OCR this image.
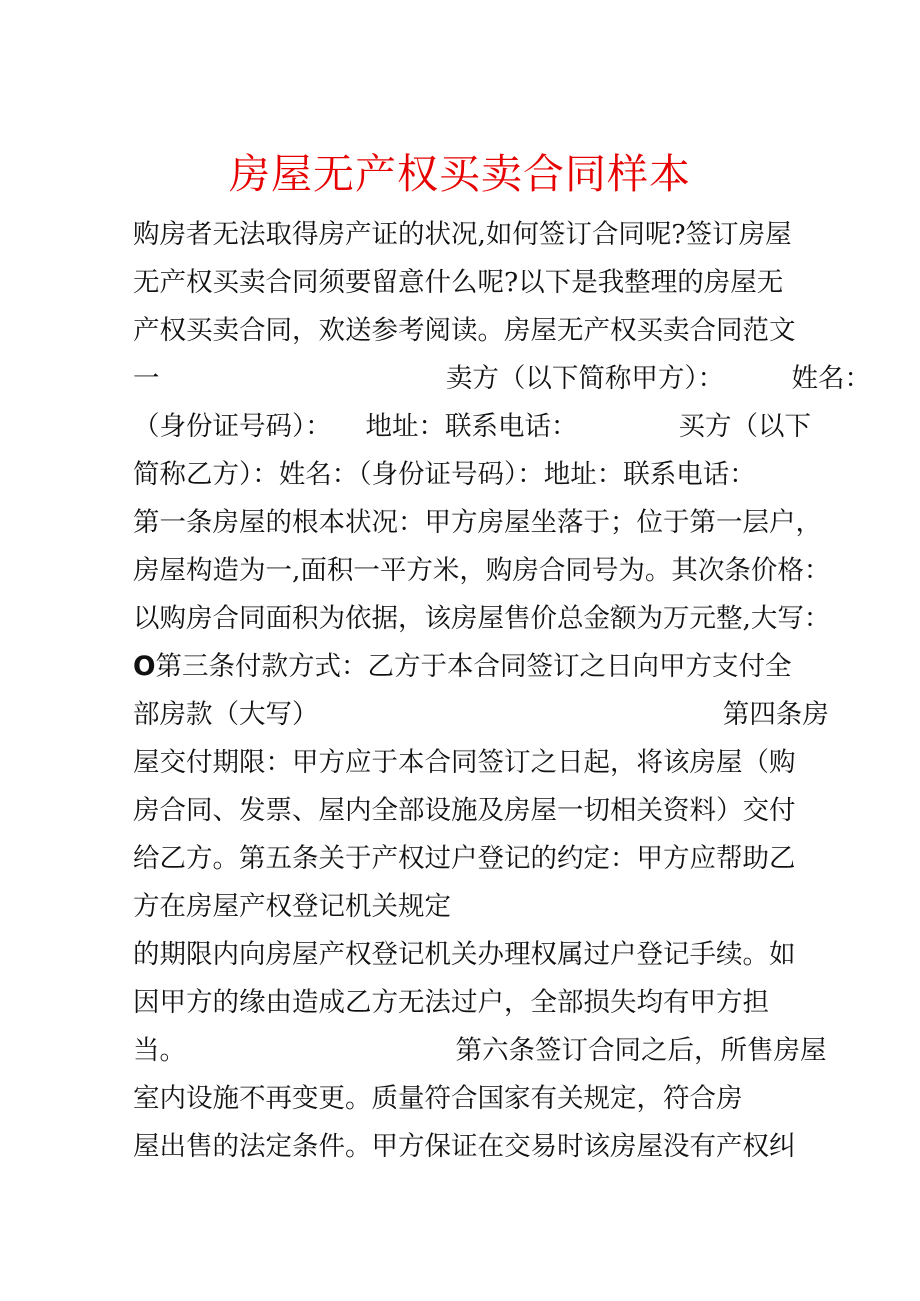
房屋无产权买卖合同样本

购房者无法取得房产证的状况,如何签订合同呢?签订房屋

无产权买卖合同须要留意什么呢?以下是我整理的房屋无

产权买卖合同，欢送参考阅读。房屋无产权买卖合同范文

一                                  卖方（以下简称甲方）：        姓名：

（身份证号码）：    地址：联系电话：            买方（以下

简称乙方）：姓名：（身份证号码）：地址：联系电话：

第一条房屋的根本状况：甲方房屋坐落于；位于第一层户，

房屋构造为一,面积一平方米，购房合同号为。其次条价格：

以购房合同面积为依据，该房屋售价总金额为万元整,大写：

O第三条付款方式：乙方于本合同签订之日向甲方支付全

部房款（大写）                                                第四条房

屋交付期限：甲方应于本合同签订之日起，将该房屋（购

房合同、发票、屋内全部设施及房屋一切相关资料）交付

给乙方。第五条关于产权过户登记的约定：甲方应帮助乙

方在房屋产权登记机关规定

的期限内向房屋产权登记机关办理权属过户登记手续。如

因甲方的缘由造成乙方无法过户，全部损失均有甲方担

当。                                第六条签订合同之后，所售房屋

室内设施不再变更。质量符合国家有关规定，符合房

屋出售的法定条件。甲方保证在交易时该房屋没有产权纠
